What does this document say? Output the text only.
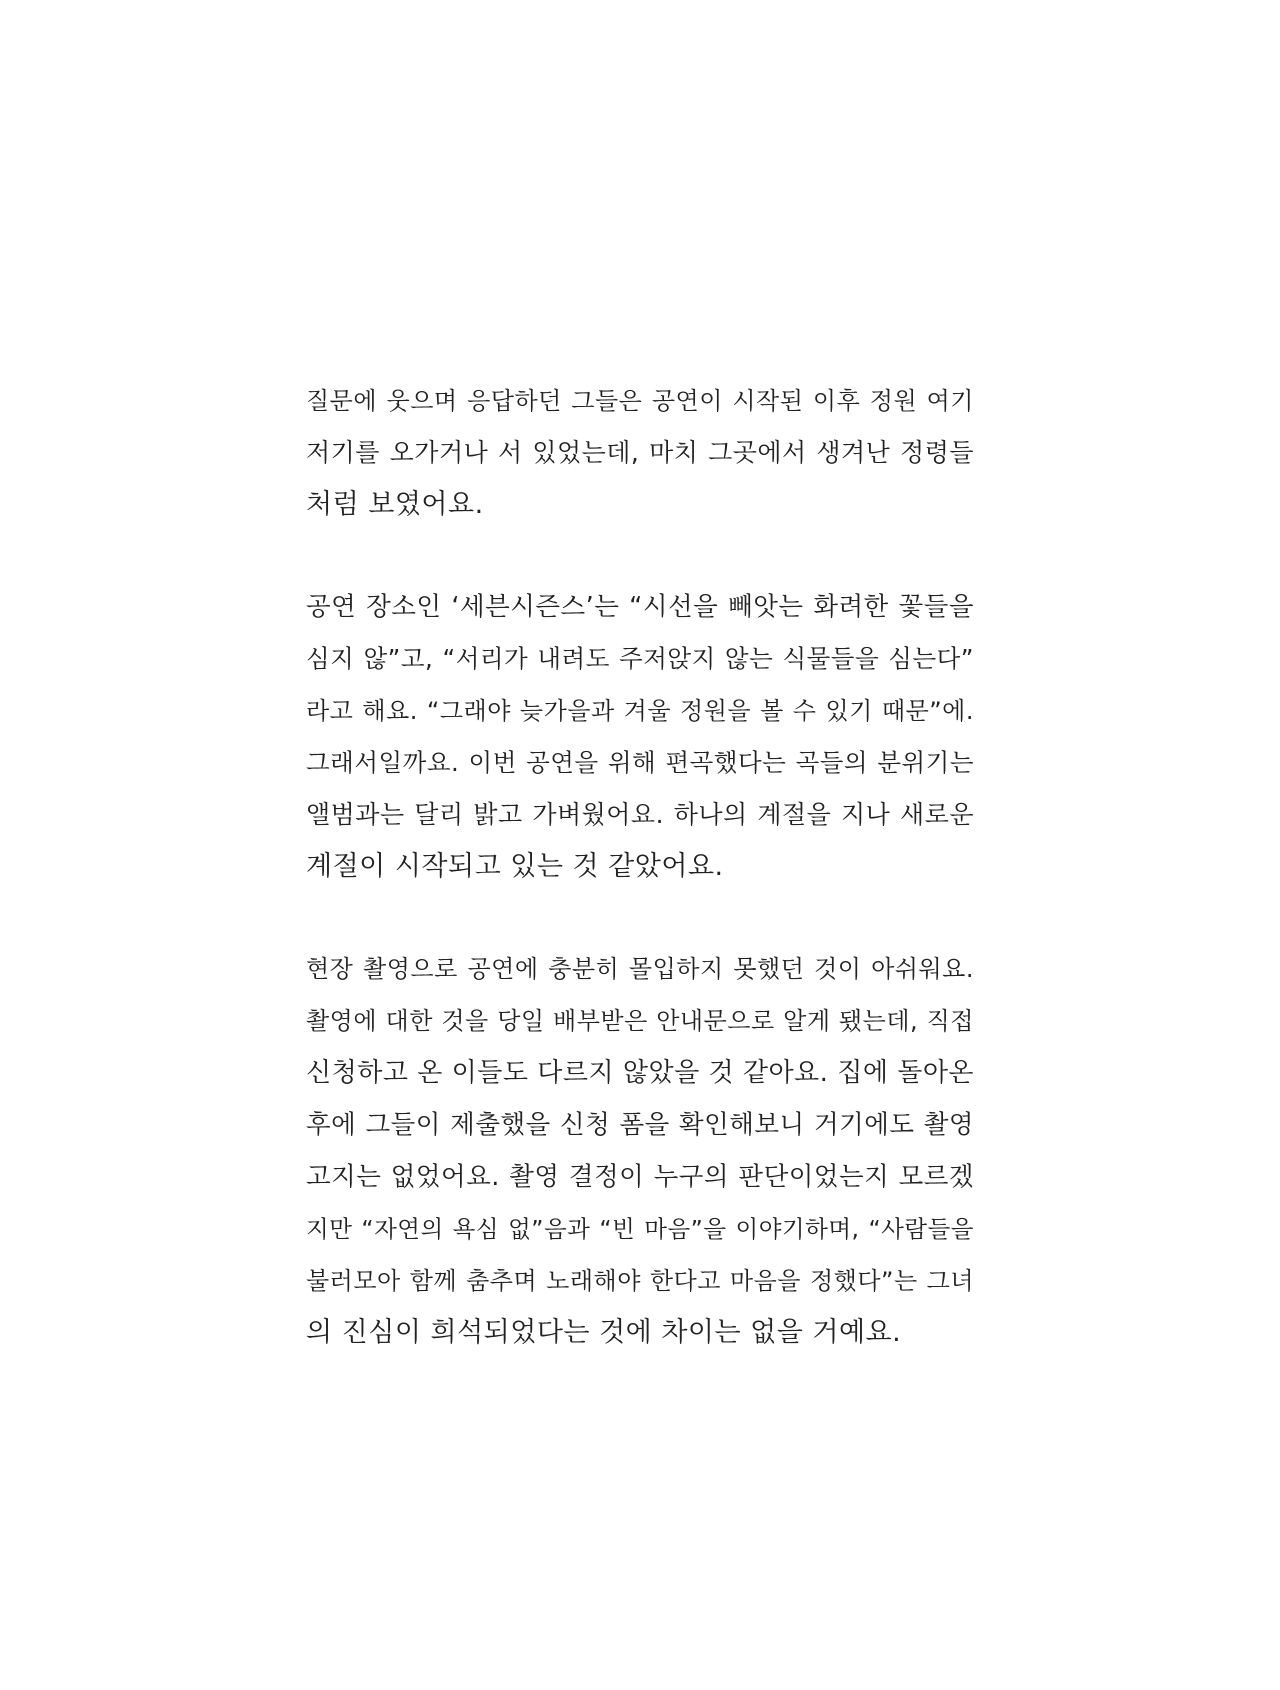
질문에 웃으며 응답하던 그들은 공연이 시작된 이후 정원 여기
저기를 오가거나 서 있었는데, 마치 그곳에서 생겨난 정령들
처럼 보였어요.

공연 장소인 ‘세븐시즌스’는 “시선을 빼앗는 화려한 꽃들을
심지 않”고, “서리가 내려도 주저앉지 않는 식물들을 심는다”
라고 해요. “그래야 늦가을과 겨울 정원을 볼 수 있기 때문”에.
그래서일까요. 이번 공연을 위해 편곡했다는 곡들의 분위기는
앨범과는 달리 밝고 가벼웠어요. 하나의 계절을 지나 새로운
계절이 시작되고 있는 것 같았어요.

현장 촬영으로 공연에 충분히 몰입하지 못했던 것이 아쉬워요.
촬영에 대한 것을 당일 배부받은 안내문으로 알게 됐는데, 직접
신청하고 온 이들도 다르지 않았을 것 같아요. 집에 돌아온
후에 그들이 제출했을 신청 폼을 확인해보니 거기에도 촬영
고지는 없었어요. 촬영 결정이 누구의 판단이었는지 모르겠
지만 “자연의 욕심 없”음과 “빈 마음”을 이야기하며, “사람들을
불러모아 함께 춤추며 노래해야 한다고 마음을 정했다”는 그녀
의 진심이 희석되었다는 것에 차이는 없을 거예요.
